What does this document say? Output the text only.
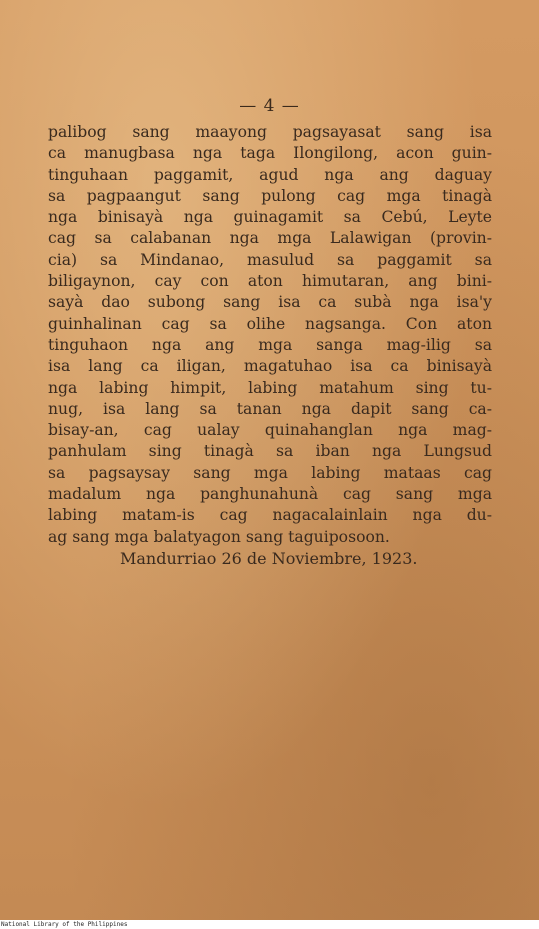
— 4 —
palibog sang maayong pagsayasat sang isa
ca manugbasa nga taga Ilongilong, acon guin-
tinguhaan paggamit, agud nga ang daguay
sa pagpaangut sang pulong cag mga tinagà
nga binisayà nga guinagamit sa Cebú, Leyte
cag sa calabanan nga mga Lalawigan (provin-
cia) sa Mindanao, masulud sa paggamit sa
biligaynon, cay con aton himutaran, ang bini-
sayà dao subong sang isa ca subà nga isa'y
guinhalinan cag sa olihe nagsanga. Con aton
tinguhaon nga ang mga sanga mag-ilig sa
isa lang ca iligan, magatuhao isa ca binisayà
nga labing himpit, labing matahum sing tu-
nug, isa lang sa tanan nga dapit sang ca-
bisay-an, cag ualay quinahanglan nga mag-
panhulam sing tinagà sa iban nga Lungsud
sa pagsaysay sang mga labing mataas cag
madalum nga panghunahunà cag sang mga
labing matam-is cag nagacalainlain nga du-
ag sang mga balatyagon sang taguiposoon.
Mandurriao 26 de Noviembre, 1923.
National Library of the Philippines
